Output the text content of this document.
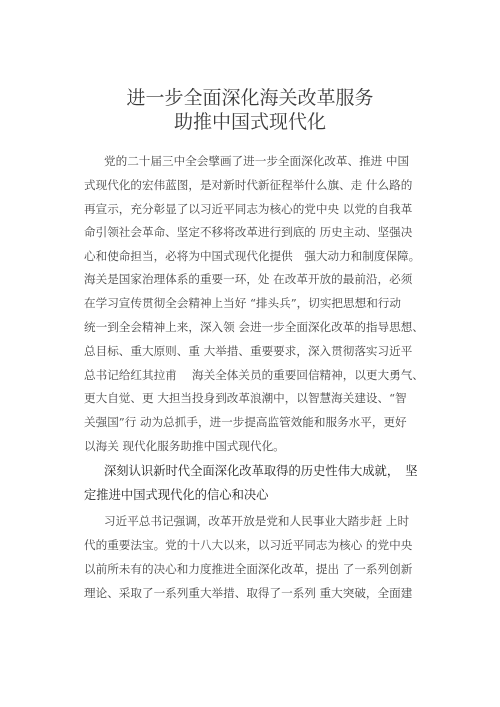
进一步全面深化海关改革服务
助推中国式现代化
党的二十届三中全会擘画了进一步全面深化改革、推进 中国
式现代化的宏伟蓝图，是对新时代新征程举什么旗、走 什么路的
再宣示，充分彰显了以习近平同志为核心的党中央 以党的自我革
命引领社会革命、坚定不移将改革进行到底的 历史主动、坚强决
心和使命担当，必将为中国式现代化提供　强大动力和制度保障。
海关是国家治理体系的重要一环，处 在改革开放的最前沿，必须
在学习宣传贯彻全会精神上当好 “排头兵”，切实把思想和行动
统一到全会精神上来，深入领 会进一步全面深化改革的指导思想、
总目标、重大原则、重 大举措、重要要求，深入贯彻落实习近平
总书记给红其拉甫　 海关全体关员的重要回信精神，以更大勇气、
更大自觉、更 大担当投身到改革浪潮中，以智慧海关建设、“智
关强国”行 动为总抓手，进一步提高监管效能和服务水平，更好
以海关 现代化服务助推中国式现代化。
深刻认识新时代全面深化改革取得的历史性伟大成就，　坚
定推进中国式现代化的信心和决心
习近平总书记强调，改革开放是党和人民事业大踏步赶 上时
代的重要法宝。党的十八大以来，以习近平同志为核心 的党中央
以前所未有的决心和力度推进全面深化改革，提出 了一系列创新
理论、采取了一系列重大举措、取得了一系列 重大突破，全面建
